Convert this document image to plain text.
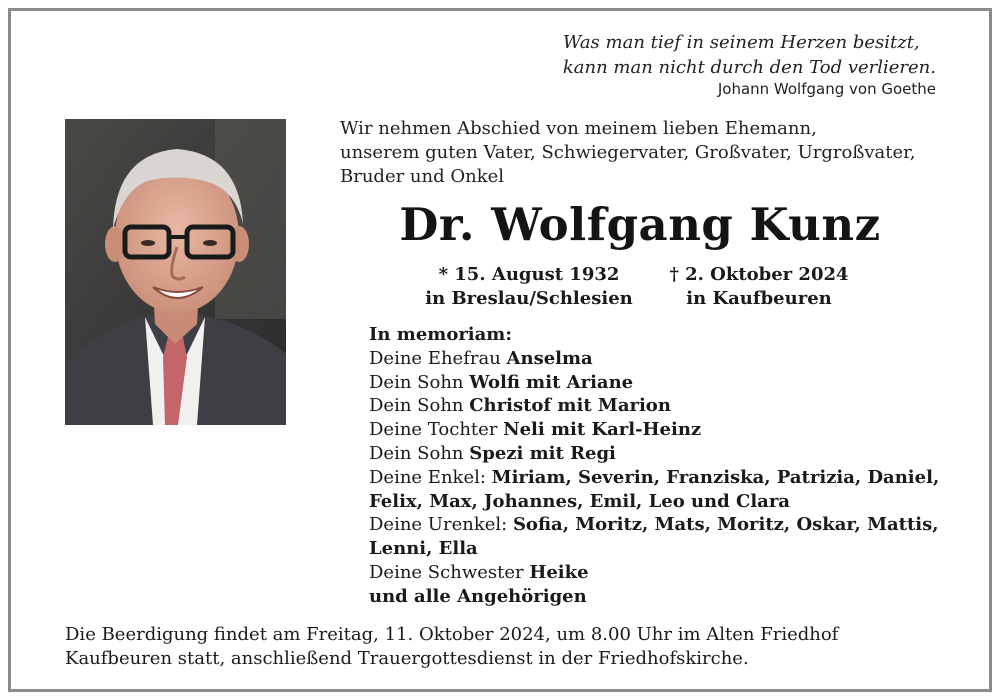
Was man tief in seinem Herzen besitzt,
kann man nicht durch den Tod verlieren.
Johann Wolfgang von Goethe
Wir nehmen Abschied von meinem lieben Ehemann,
unserem guten Vater, Schwiegervater, Großvater, Urgroßvater,
Bruder und Onkel
Dr. Wolfgang Kunz
* 15. August 1932
in Breslau/Schlesien
† 2. Oktober 2024
in Kaufbeuren
In memoriam:
Deine Ehefrau Anselma
Dein Sohn Wolfi mit Ariane
Dein Sohn Christof mit Marion
Deine Tochter Neli mit Karl-Heinz
Dein Sohn Spezi mit Regi
Deine Enkel: Miriam, Severin, Franziska, Patrizia, Daniel,
Felix, Max, Johannes, Emil, Leo und Clara
Deine Urenkel: Sofia, Moritz, Mats, Moritz, Oskar, Mattis,
Lenni, Ella
Deine Schwester Heike
und alle Angehörigen
Die Beerdigung findet am Freitag, 11. Oktober 2024, um 8.00 Uhr im Alten Friedhof
Kaufbeuren statt, anschließend Trauergottesdienst in der Friedhofskirche.
